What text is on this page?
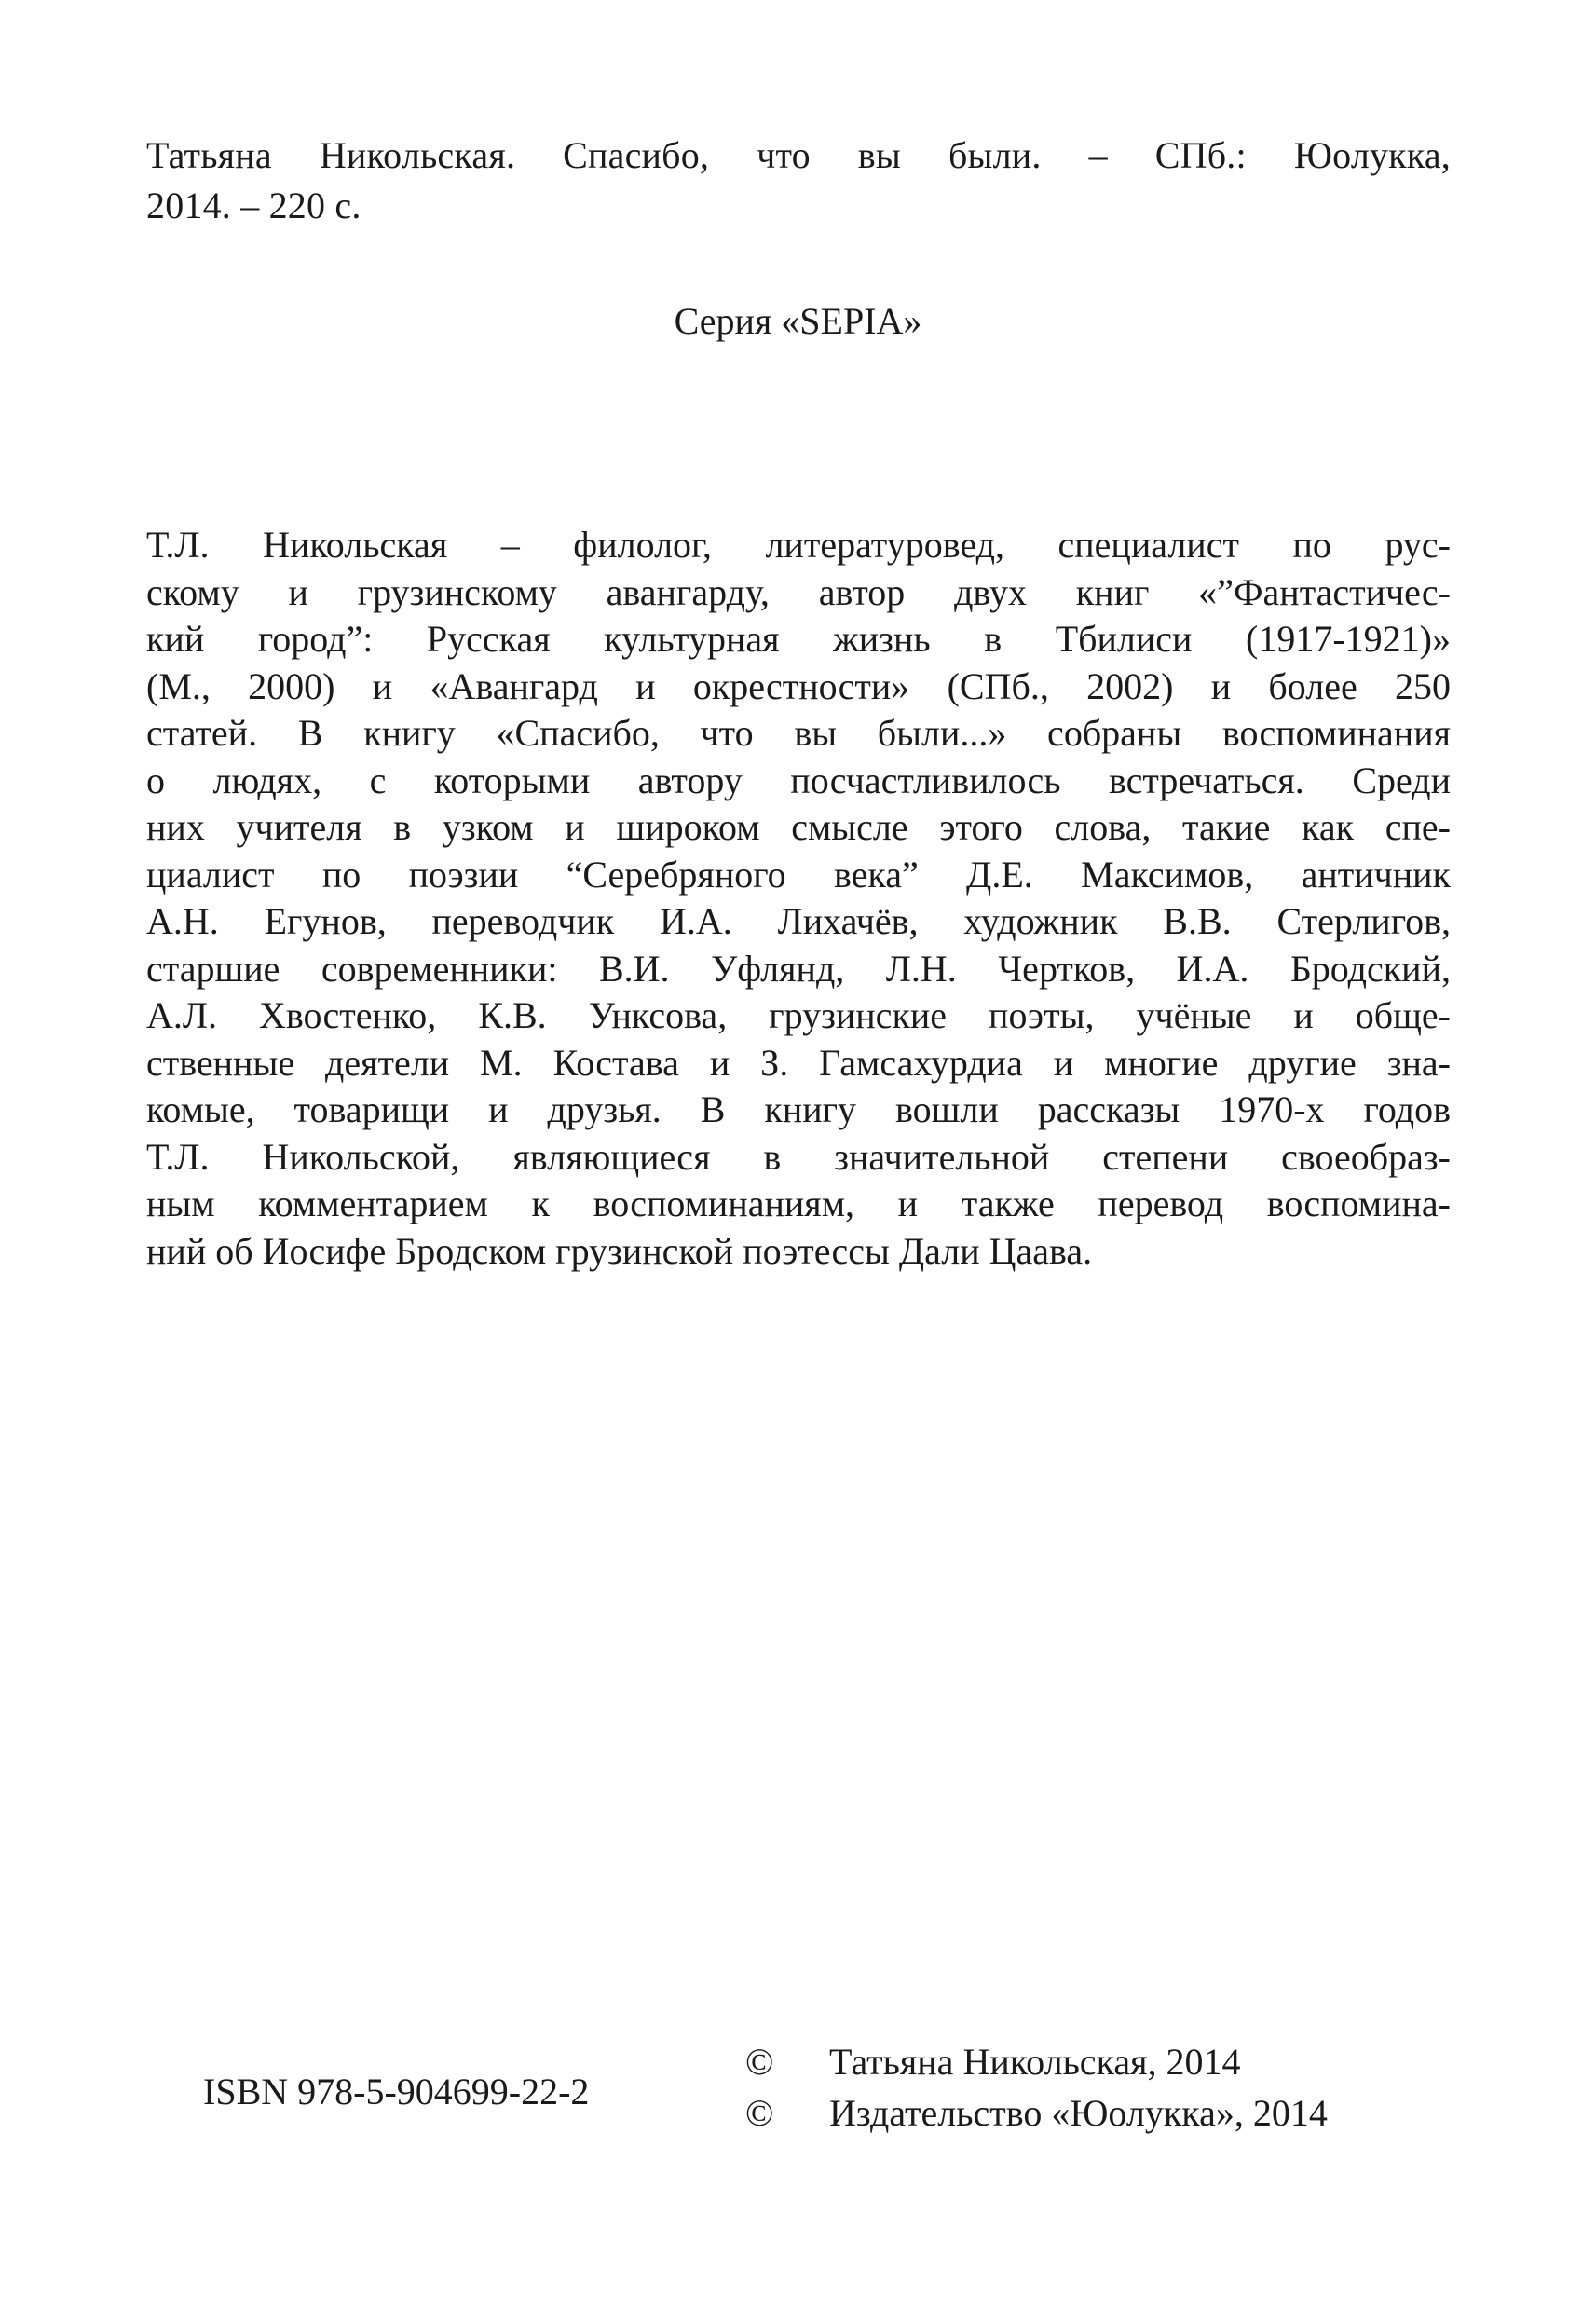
Татьяна Никольская. Спасибо, что вы были. – СПб.: Юолукка,
2014. – 220 с.
Серия «SEPIA»
Т.Л. Никольская – филолог, литературовед, специалист по рус-
скому и грузинскому авангарду, автор двух книг «”Фантастичес-
кий город”: Русская культурная жизнь в Тбилиси (1917-1921)»
(М., 2000) и «Авангард и окрестности» (СПб., 2002) и более 250
статей. В книгу «Спасибо, что вы были...» собраны воспоминания
о людях, с которыми автору посчастливилось встречаться. Среди
них учителя в узком и широком смысле этого слова, такие как спе-
циалист по поэзии “Серебряного века” Д.Е. Максимов, античник
А.Н. Егунов, переводчик И.А. Лихачёв, художник В.В. Стерлигов,
старшие современники: В.И. Уфлянд, Л.Н. Чертков, И.А. Бродский,
А.Л. Хвостенко, К.В. Унксова, грузинские поэты, учёные и обще-
ственные деятели М. Костава и З. Гамсахурдиа и многие другие зна-
комые, товарищи и друзья. В книгу вошли рассказы 1970-х годов
Т.Л. Никольской, являющиеся в значительной степени своеобраз-
ным комментарием к воспоминаниям, и также перевод воспомина-
ний об Иосифе Бродском грузинской поэтессы Дали Цаава.
ISBN 978-5-904699-22-2
© Татьяна Никольская, 2014
© Издательство «Юолукка», 2014
